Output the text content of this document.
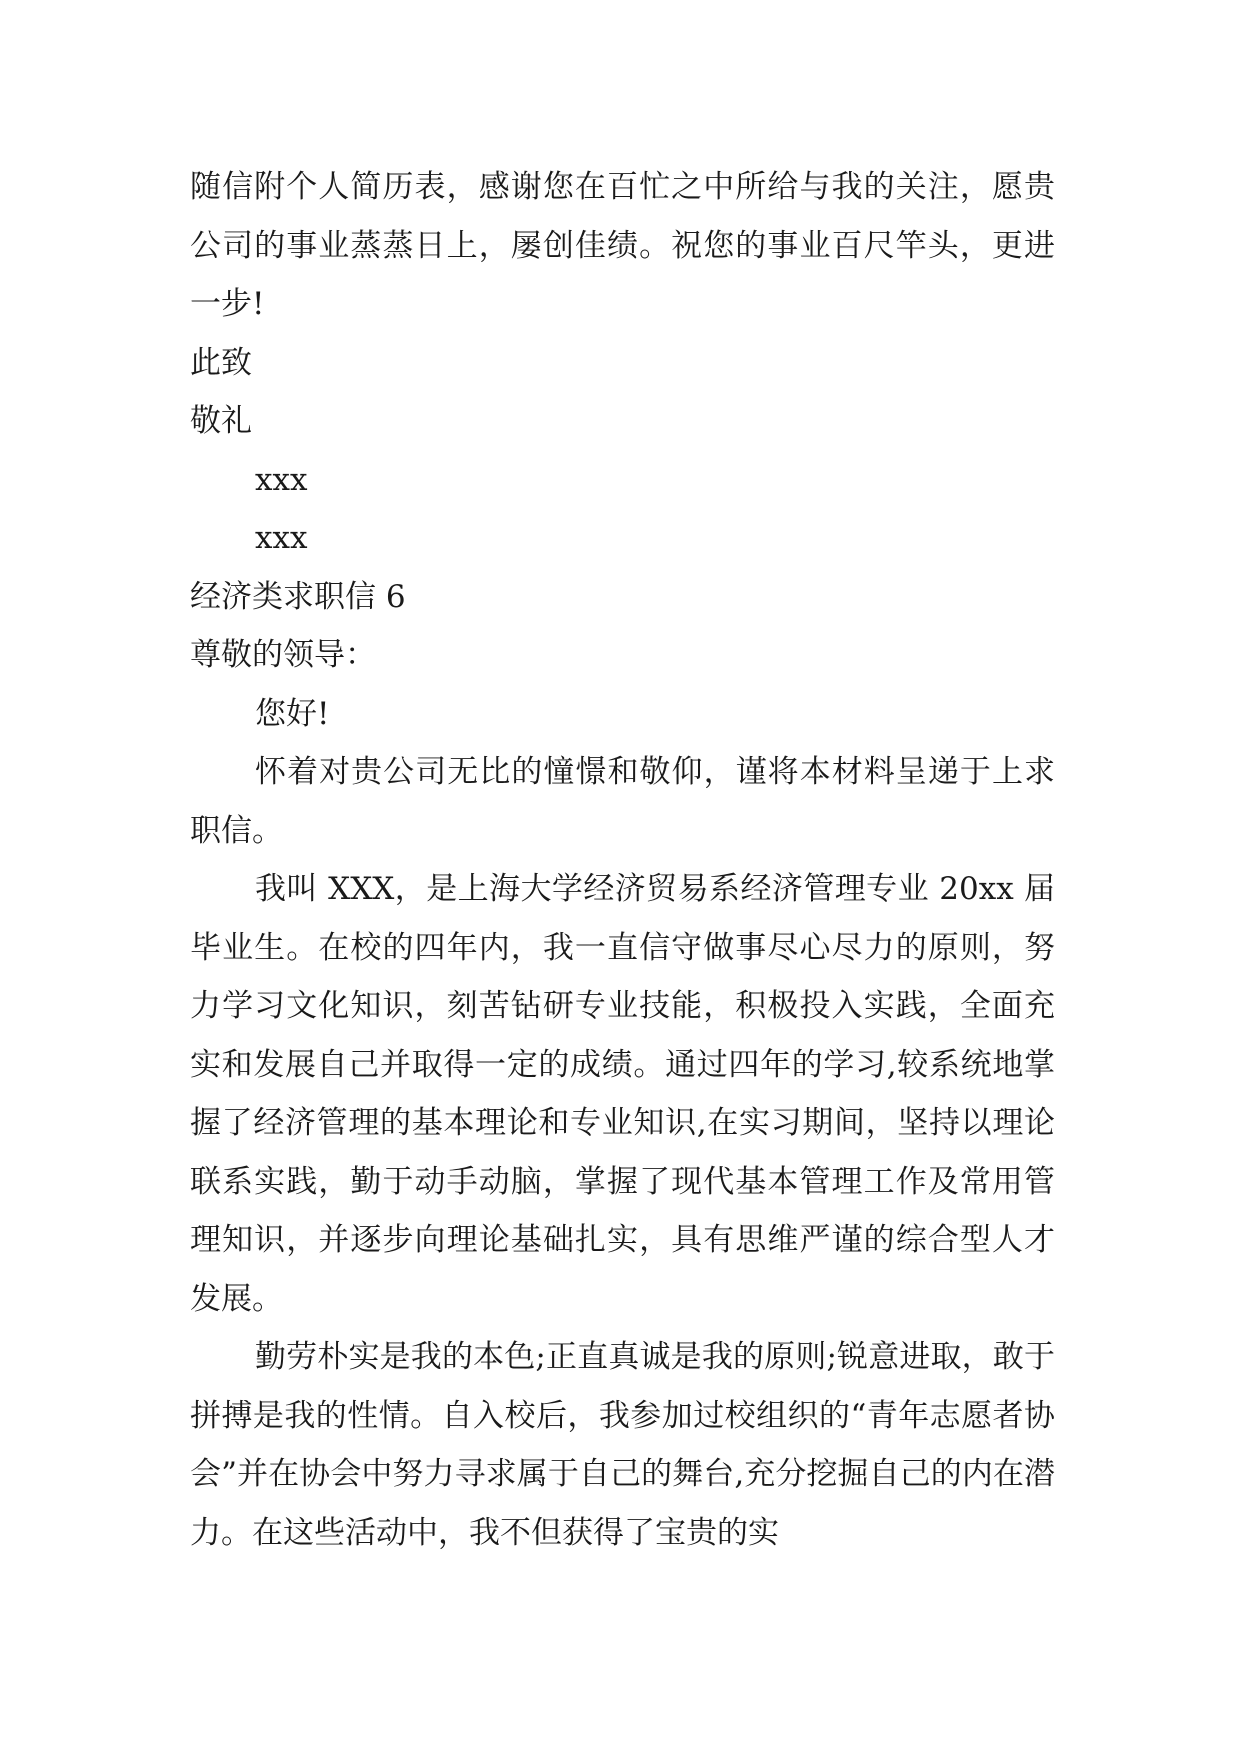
随信附个人简历表，感谢您在百忙之中所给与我的关注，愿贵公司的事业蒸蒸日上，屡创佳绩。祝您的事业百尺竿头，更进一步!

此致

敬礼

xxx

xxx

经济类求职信 6

尊敬的领导：

您好!

怀着对贵公司无比的憧憬和敬仰，谨将本材料呈递于上求职信。

我叫 XXX，是上海大学经济贸易系经济管理专业 20xx 届毕业生。在校的四年内，我一直信守做事尽心尽力的原则，努力学习文化知识，刻苦钻研专业技能，积极投入实践，全面充实和发展自己并取得一定的成绩。通过四年的学习,较系统地掌握了经济管理的基本理论和专业知识,在实习期间，坚持以理论联系实践，勤于动手动脑，掌握了现代基本管理工作及常用管理知识，并逐步向理论基础扎实，具有思维严谨的综合型人才发展。

勤劳朴实是我的本色;正直真诚是我的原则;锐意进取，敢于拼搏是我的性情。自入校后，我参加过校组织的“青年志愿者协会”并在协会中努力寻求属于自己的舞台,充分挖掘自己的内在潜力。在这些活动中，我不但获得了宝贵的实
